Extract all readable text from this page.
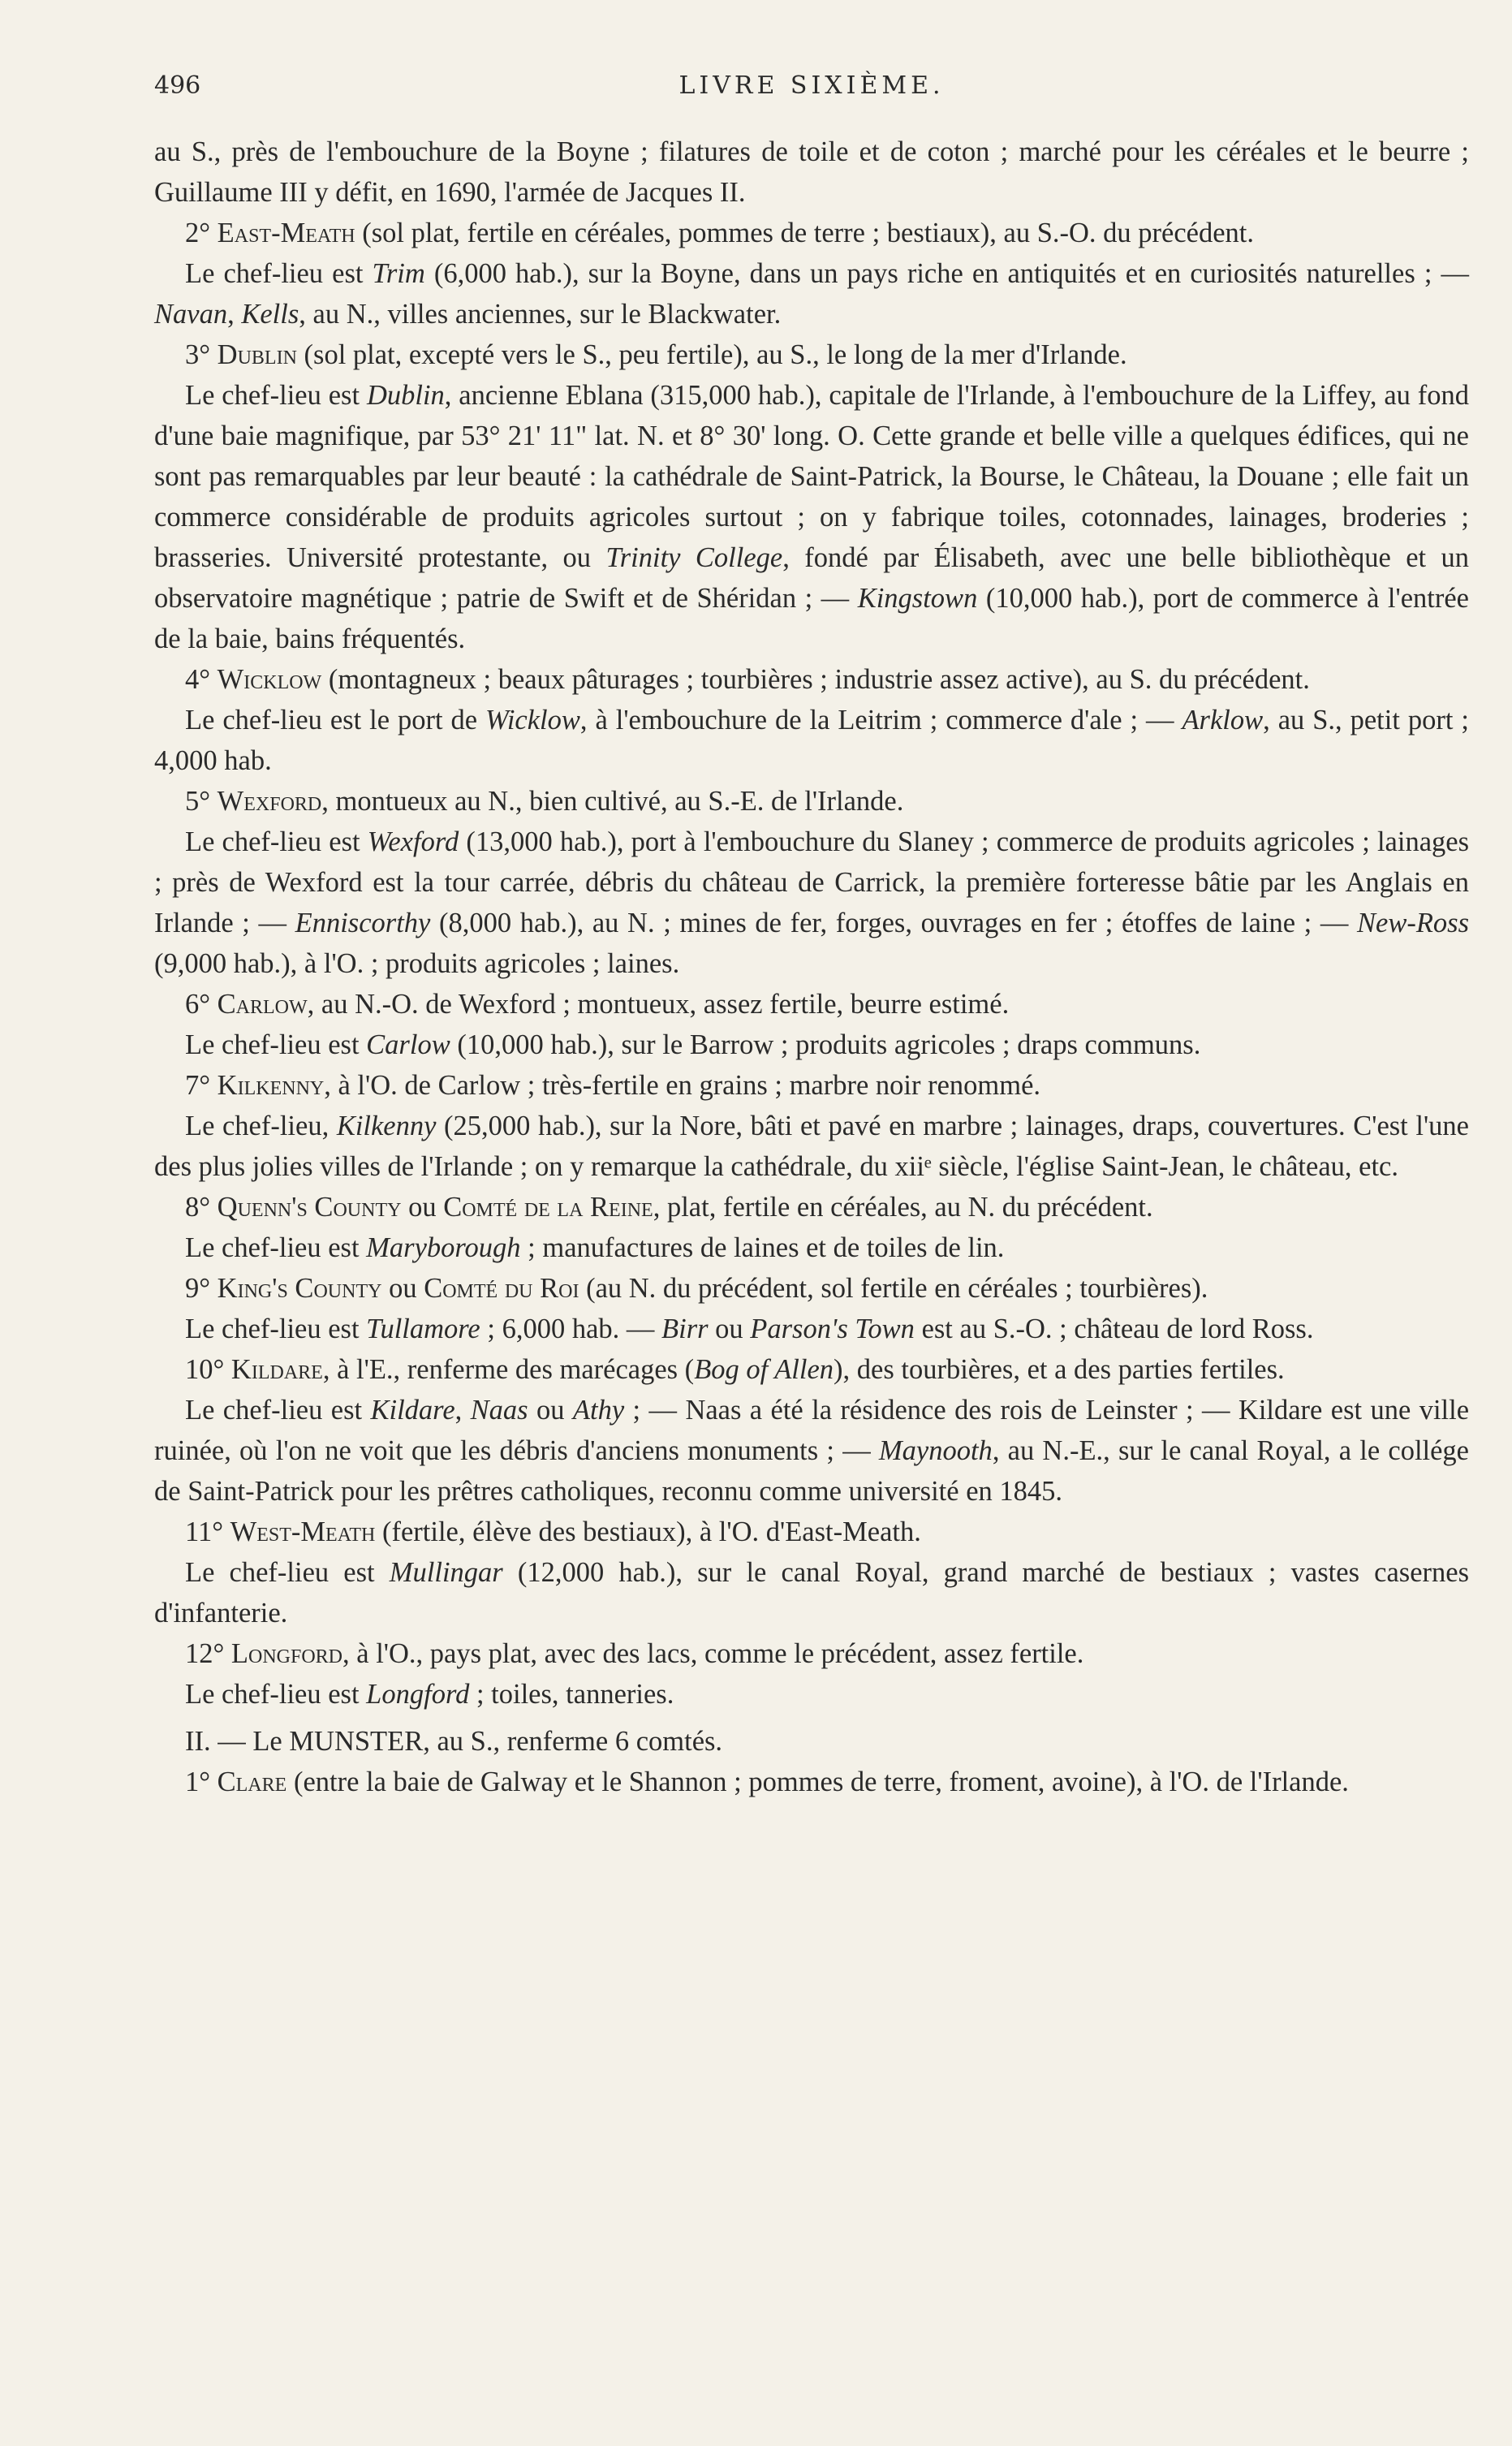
496	LIVRE SIXIÈME.

au S., près de l'embouchure de la Boyne ; filatures de toile et de coton ; marché pour les céréales et le beurre ; Guillaume III y défit, en 1690, l'armée de Jacques II.

2° East-Meath (sol plat, fertile en céréales, pommes de terre ; bestiaux), au S.-O. du précédent.

Le chef-lieu est Trim (6,000 hab.), sur la Boyne, dans un pays riche en antiquités et en curiosités naturelles ; — Navan, Kells, au N., villes anciennes, sur le Blackwater.

3° Dublin (sol plat, excepté vers le S., peu fertile), au S., le long de la mer d'Irlande.

Le chef-lieu est Dublin, ancienne Eblana (315,000 hab.), capitale de l'Irlande, à l'embouchure de la Liffey, au fond d'une baie magnifique, par 53° 21' 11" lat. N. et 8° 30' long. O. Cette grande et belle ville a quelques édifices, qui ne sont pas remarquables par leur beauté : la cathédrale de Saint-Patrick, la Bourse, le Château, la Douane ; elle fait un commerce considérable de produits agricoles surtout ; on y fabrique toiles, cotonnades, lainages, broderies ; brasseries. Université protestante, ou Trinity College, fondé par Élisabeth, avec une belle bibliothèque et un observatoire magnétique ; patrie de Swift et de Shéridan ; — Kingstown (10,000 hab.), port de commerce à l'entrée de la baie, bains fréquentés.

4° Wicklow (montagneux ; beaux pâturages ; tourbières ; industrie assez active), au S. du précédent.

Le chef-lieu est le port de Wicklow, à l'embouchure de la Leitrim ; commerce d'ale ; — Arklow, au S., petit port ; 4,000 hab.

5° Wexford, montueux au N., bien cultivé, au S.-E. de l'Irlande.

Le chef-lieu est Wexford (13,000 hab.), port à l'embouchure du Slaney ; commerce de produits agricoles ; lainages ; près de Wexford est la tour carrée, débris du château de Carrick, la première forteresse bâtie par les Anglais en Irlande ; — Enniscorthy (8,000 hab.), au N. ; mines de fer, forges, ouvrages en fer ; étoffes de laine ; — New-Ross (9,000 hab.), à l'O. ; produits agricoles ; laines.

6° Carlow, au N.-O. de Wexford ; montueux, assez fertile, beurre estimé.

Le chef-lieu est Carlow (10,000 hab.), sur le Barrow ; produits agricoles ; draps communs.

7° Kilkenny, à l'O. de Carlow ; très-fertile en grains ; marbre noir renommé.

Le chef-lieu, Kilkenny (25,000 hab.), sur la Nore, bâti et pavé en marbre ; lainages, draps, couvertures. C'est l'une des plus jolies villes de l'Irlande ; on y remarque la cathédrale, du xiiᵉ siècle, l'église Saint-Jean, le château, etc.

8° Quenn's County ou Comté de la Reine, plat, fertile en céréales, au N. du précédent.

Le chef-lieu est Maryborough ; manufactures de laines et de toiles de lin.

9° King's County ou Comté du Roi (au N. du précédent, sol fertile en céréales ; tourbières).

Le chef-lieu est Tullamore ; 6,000 hab. — Birr ou Parson's Town est au S.-O. ; château de lord Ross.

10° Kildare, à l'E., renferme des marécages (Bog of Allen), des tourbières, et a des parties fertiles.

Le chef-lieu est Kildare, Naas ou Athy ; — Naas a été la résidence des rois de Leinster ; — Kildare est une ville ruinée, où l'on ne voit que les débris d'anciens monuments ; — Maynooth, au N.-E., sur le canal Royal, a le collége de Saint-Patrick pour les prêtres catholiques, reconnu comme université en 1845.

11° West-Meath (fertile, élève des bestiaux), à l'O. d'East-Meath.

Le chef-lieu est Mullingar (12,000 hab.), sur le canal Royal, grand marché de bestiaux ; vastes casernes d'infanterie.

12° Longford, à l'O., pays plat, avec des lacs, comme le précédent, assez fertile.

Le chef-lieu est Longford ; toiles, tanneries.

II. — Le MUNSTER, au S., renferme 6 comtés.

1° Clare (entre la baie de Galway et le Shannon ; pommes de terre, froment, avoine), à l'O. de l'Irlande.
